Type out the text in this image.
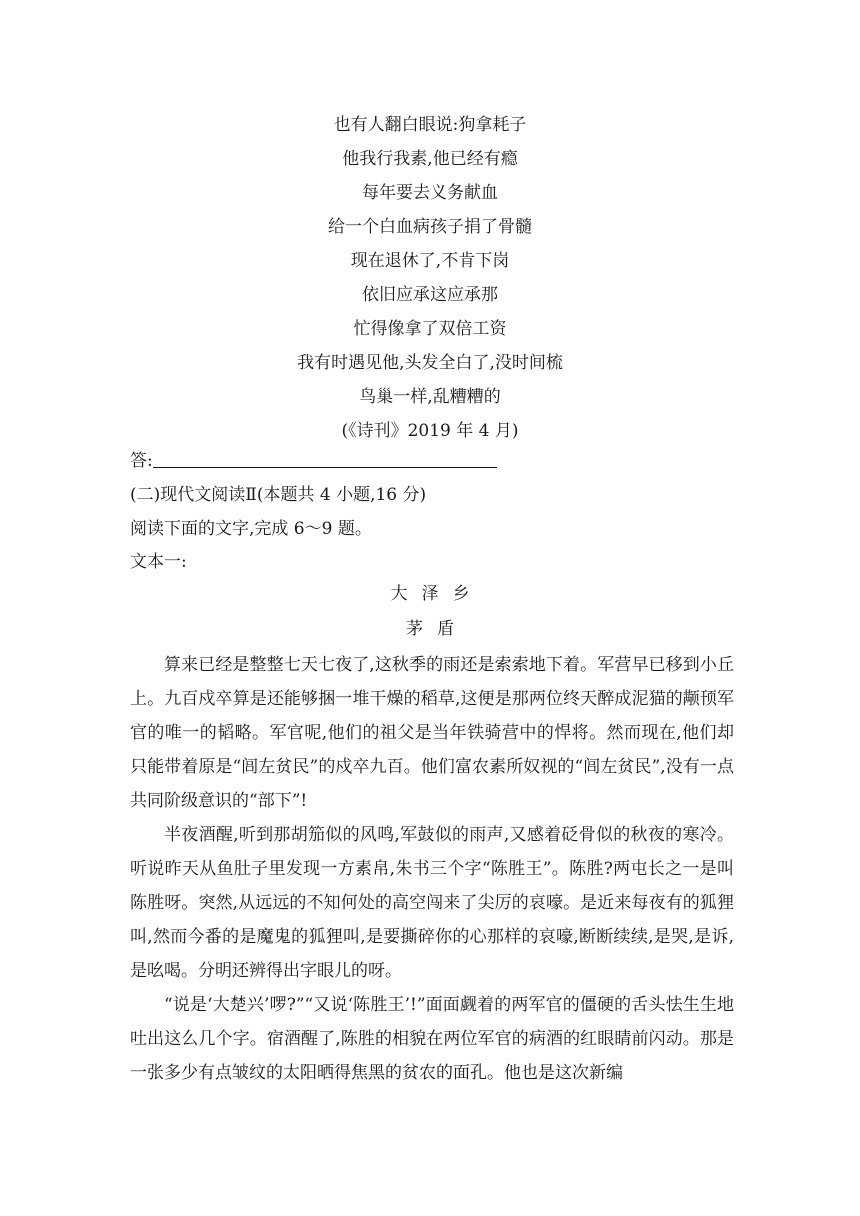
也有人翻白眼说:狗拿耗子
他我行我素,他已经有瘾
每年要去义务献血
给一个白血病孩子捐了骨髓
现在退休了,不肯下岗
依旧应承这应承那
忙得像拿了双倍工资
我有时遇见他,头发全白了,没时间梳
鸟巢一样,乱糟糟的
(《诗刊》2019 年 4 月)
答:
(二)现代文阅读Ⅱ(本题共 4 小题,16 分)
阅读下面的文字,完成 6～9 题。
文本一:
大泽乡
茅盾

算来已经是整整七天七夜了,这秋季的雨还是索索地下着。军营早已移到小丘上。九百戍卒算是还能够捆一堆干燥的稻草,这便是那两位终天醉成泥猫的颟顸军官的唯一的韬略。军官呢,他们的祖父是当年铁骑营中的悍将。然而现在,他们却只能带着原是“闾左贫民”的戍卒九百。他们富农素所奴视的“闾左贫民”,没有一点共同阶级意识的“部下”!

半夜酒醒,听到那胡笳似的风鸣,军鼓似的雨声,又感着砭骨似的秋夜的寒冷。听说昨天从鱼肚子里发现一方素帛,朱书三个字“陈胜王”。陈胜?两屯长之一是叫陈胜呀。突然,从远远的不知何处的高空闯来了尖厉的哀嚎。是近来每夜有的狐狸叫,然而今番的是魔鬼的狐狸叫,是要撕碎你的心那样的哀嚎,断断续续,是哭,是诉,是吆喝。分明还辨得出字眼儿的呀。

“说是‘大楚兴’啰?”“又说‘陈胜王’!”面面觑着的两军官的僵硬的舌头怯生生地吐出这么几个字。宿酒醒了,陈胜的相貌在两位军官的病酒的红眼睛前闪动。那是一张多少有点皱纹的太阳晒得焦黑的贫农的面孔。他也是这次新编
